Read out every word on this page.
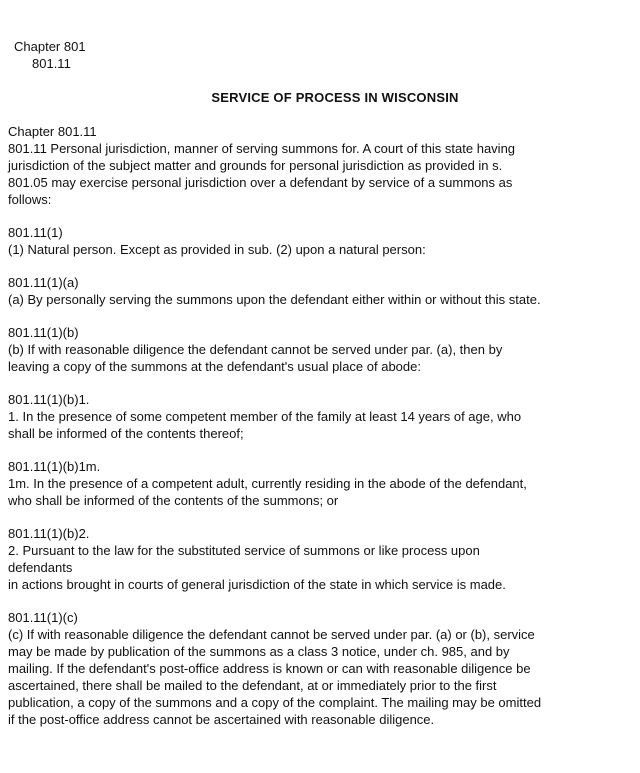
Chapter 801
801.11
SERVICE OF PROCESS IN WISCONSIN
Chapter 801.11
801.11 Personal jurisdiction, manner of serving summons for. A court of this state having
jurisdiction of the subject matter and grounds for personal jurisdiction as provided in s.
801.05 may exercise personal jurisdiction over a defendant by service of a summons as
follows:
801.11(1)
(1) Natural person. Except as provided in sub. (2) upon a natural person:
801.11(1)(a)
(a) By personally serving the summons upon the defendant either within or without this state.
801.11(1)(b)
(b) If with reasonable diligence the defendant cannot be served under par. (a), then by
leaving a copy of the summons at the defendant's usual place of abode:
801.11(1)(b)1.
1. In the presence of some competent member of the family at least 14 years of age, who
shall be informed of the contents thereof;
801.11(1)(b)1m.
1m. In the presence of a competent adult, currently residing in the abode of the defendant,
who shall be informed of the contents of the summons; or
801.11(1)(b)2.
2. Pursuant to the law for the substituted service of summons or like process upon
defendants
in actions brought in courts of general jurisdiction of the state in which service is made.
801.11(1)(c)
(c) If with reasonable diligence the defendant cannot be served under par. (a) or (b), service
may be made by publication of the summons as a class 3 notice, under ch. 985, and by
mailing. If the defendant's post-office address is known or can with reasonable diligence be
ascertained, there shall be mailed to the defendant, at or immediately prior to the first
publication, a copy of the summons and a copy of the complaint. The mailing may be omitted
if the post-office address cannot be ascertained with reasonable diligence.
